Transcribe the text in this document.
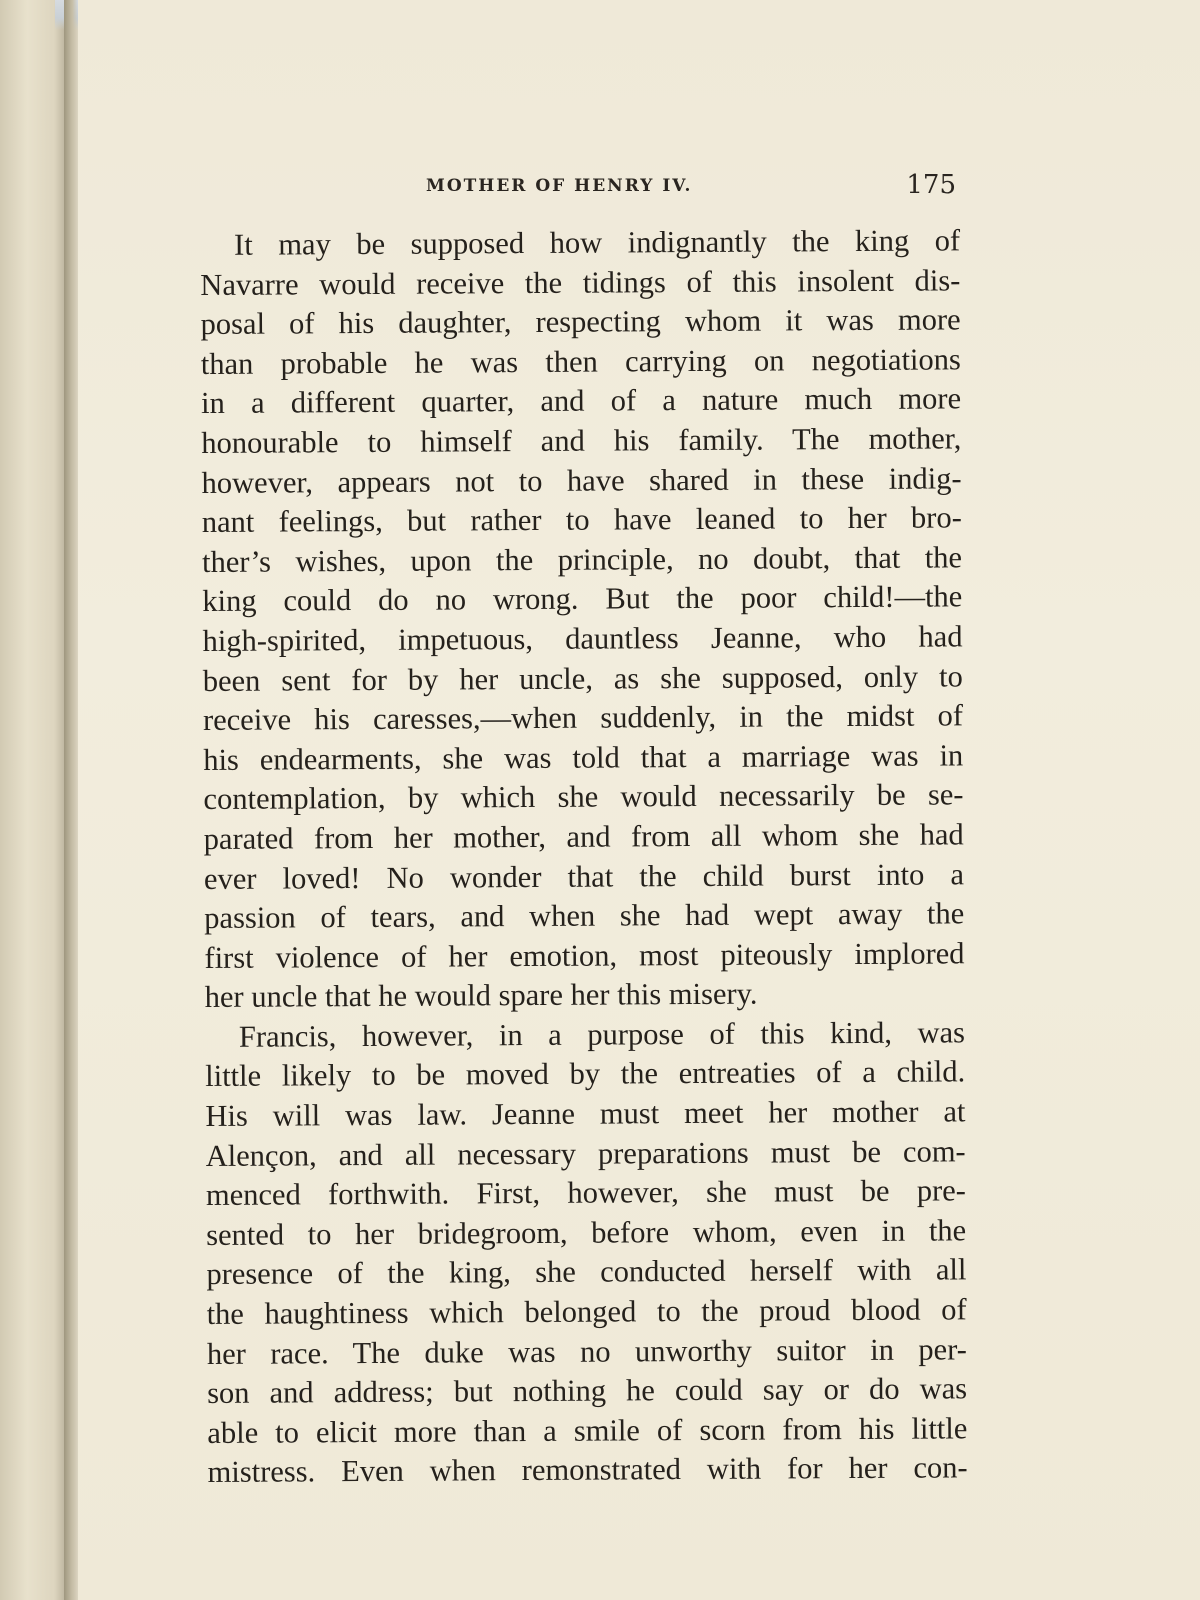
MOTHER OF HENRY IV.	175
It may be supposed how indignantly the king of
Navarre would receive the tidings of this insolent dis-
posal of his daughter, respecting whom it was more
than probable he was then carrying on negotiations
in a different quarter, and of a nature much more
honourable to himself and his family. The mother,
however, appears not to have shared in these indig-
nant feelings, but rather to have leaned to her bro-
ther’s wishes, upon the principle, no doubt, that the
king could do no wrong. But the poor child!—the
high-spirited, impetuous, dauntless Jeanne, who had
been sent for by her uncle, as she supposed, only to
receive his caresses,—when suddenly, in the midst of
his endearments, she was told that a marriage was in
contemplation, by which she would necessarily be se-
parated from her mother, and from all whom she had
ever loved! No wonder that the child burst into a
passion of tears, and when she had wept away the
first violence of her emotion, most piteously implored
her uncle that he would spare her this misery.
Francis, however, in a purpose of this kind, was
little likely to be moved by the entreaties of a child.
His will was law. Jeanne must meet her mother at
Alençon, and all necessary preparations must be com-
menced forthwith. First, however, she must be pre-
sented to her bridegroom, before whom, even in the
presence of the king, she conducted herself with all
the haughtiness which belonged to the proud blood of
her race. The duke was no unworthy suitor in per-
son and address; but nothing he could say or do was
able to elicit more than a smile of scorn from his little
mistress. Even when remonstrated with for her con-
